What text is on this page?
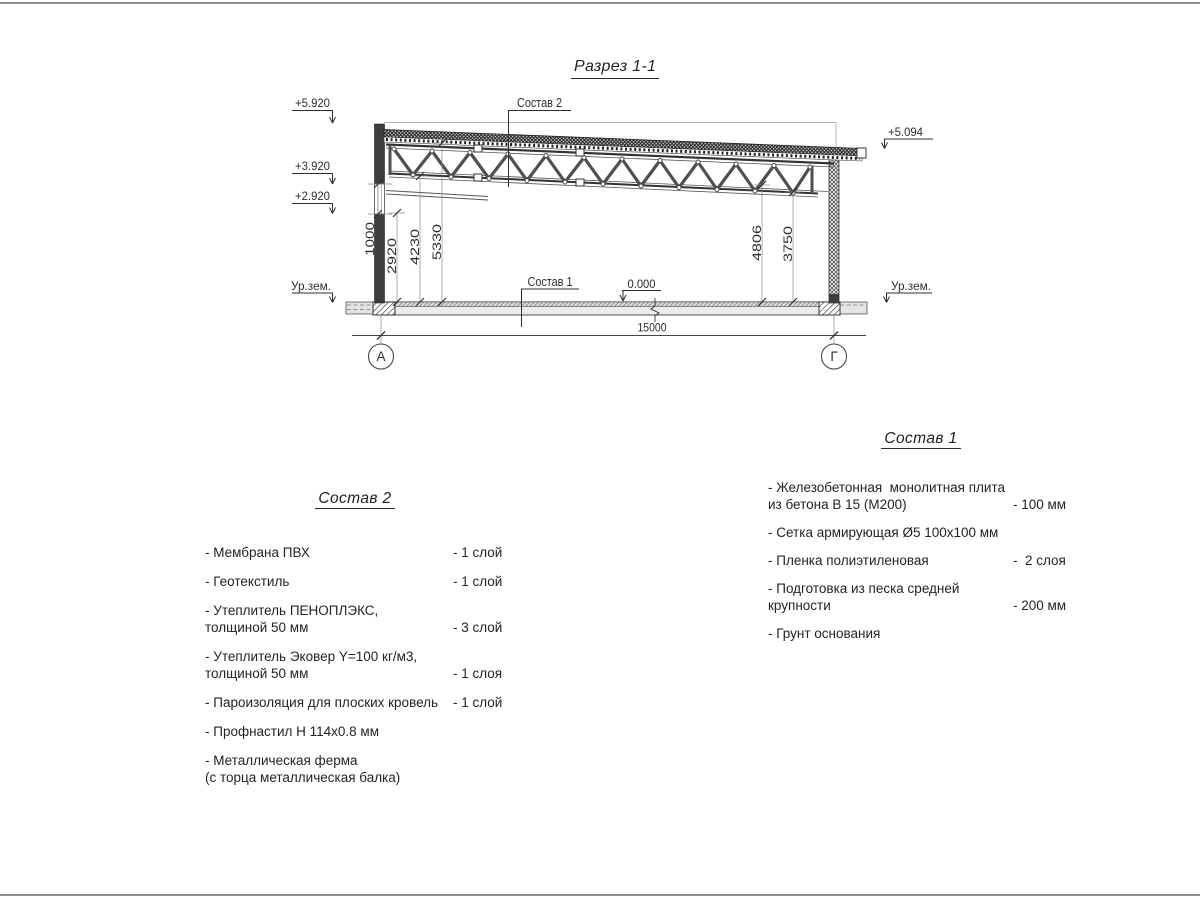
Разрез 1-1
+5.920
+3.920
+2.920
Ур.зем.
+5.094
Ур.зем.
0.000
Состав 2
Состав 1
1000
2920 4230 5330	4806 3750
15000
А	Г
Состав 2
- Мембрана ПВХ	- 1 слой
- Геотекстиль	- 1 слой
- Утеплитель ПЕНОПЛЭКС,
толщиной 50 мм	- 3 слой
- Утеплитель Эковер Y=100 кг/м3,
толщиной 50 мм	- 1 слоя
- Пароизоляция для плоских кровель	- 1 слой
- Профнастил Н 114х0.8 мм
- Металлическая ферма
(с торца металлическая балка)
Состав 1
- Железобетонная  монолитная плита
из бетона В 15 (М200)	- 100 мм
- Сетка армирующая Ø5 100х100 мм
- Пленка полиэтиленовая	-  2 слоя
- Подготовка из песка средней
крупности	- 200 мм
- Грунт основания
